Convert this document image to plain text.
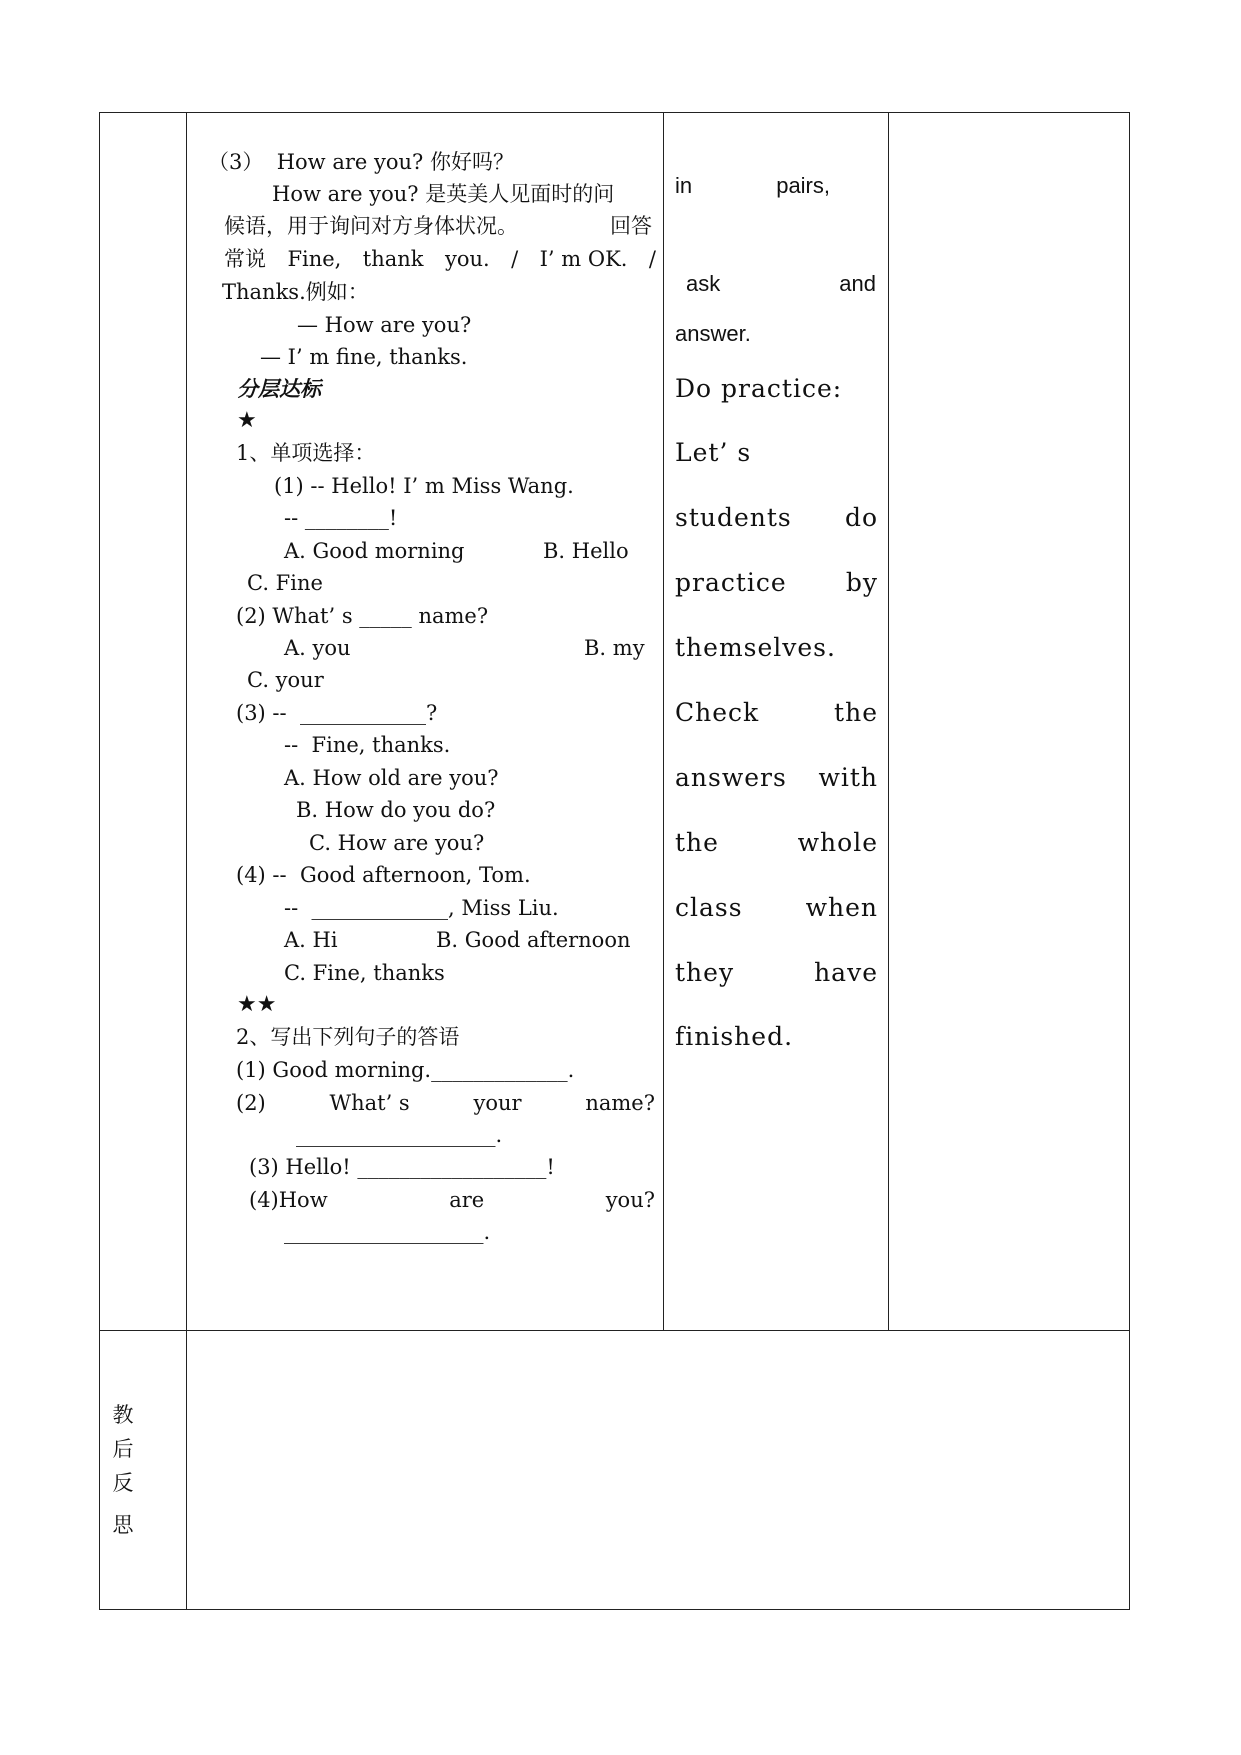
（3）  How are you? 你好吗？
How are you? 是英美人见面时的问
候语，用于询问对方身体状况。	回答
常说 Fine, thank you. / I’ m OK. /
Thanks.例如：
— How are you?
— I’ m fine, thanks.
分层达标
★
1、单项选择：
(1) -- Hello! I’ m Miss Wang.
-- ________!
A. Good morning	B. Hello
C. Fine
(2) What’ s _____ name?
A. you	B. my
C. your
(3) --  ____________?
--  Fine, thanks.
A. How old are you?
B. How do you do?
C. How are you?
(4) --  Good afternoon, Tom.
--  _____________, Miss Liu.
A. Hi	B. Good afternoon
C. Fine, thanks
★★
2、写出下列句子的答语
(1) Good morning._____________.
(2)	What’ s	your	name?
___________________.
(3) Hello! __________________!
(4)How	are	you?
___________________.
in	pairs,
ask	and
answer.
Do practice:
Let’ s
students do
practice by
themselves.
Check	the
answers with
the	whole
class	when
they	have
finished.
教
后
反
思
